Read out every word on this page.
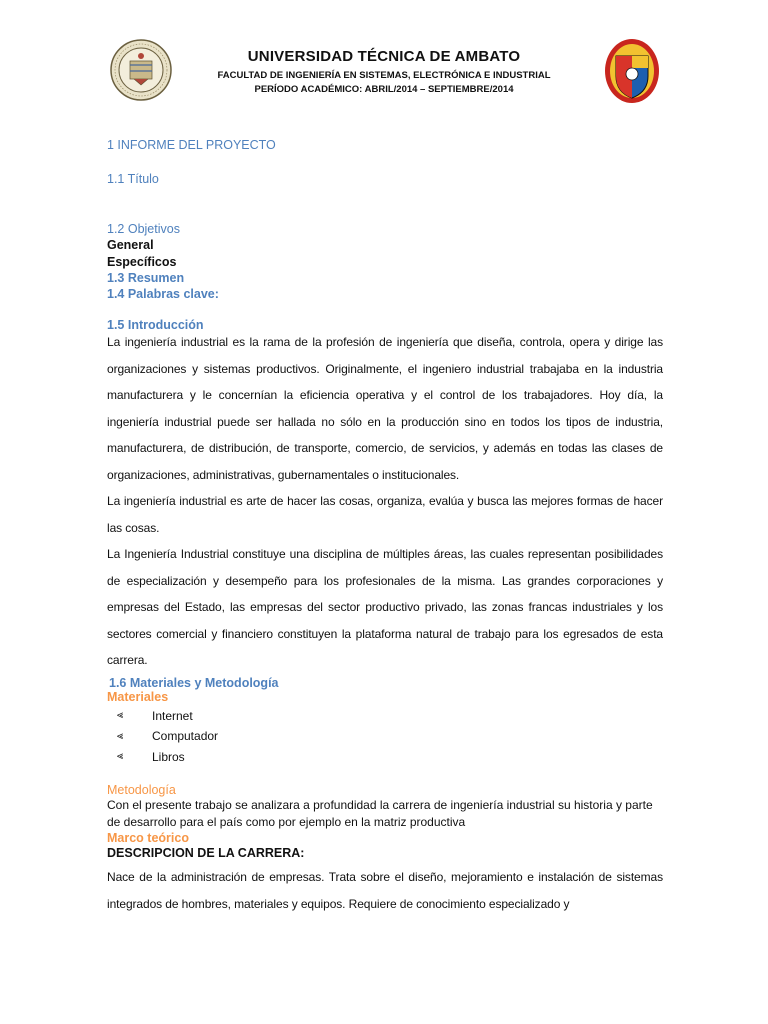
UNIVERSIDAD TÉCNICA DE AMBATO
FACULTAD DE INGENIERÍA EN SISTEMAS, ELECTRÓNICA E INDUSTRIAL
PERÍODO ACADÉMICO: ABRIL/2014 – SEPTIEMBRE/2014
1 INFORME DEL PROYECTO
1.1 Título
1.2 Objetivos
General
Específicos
1.3 Resumen
1.4 Palabras clave:
1.5 Introducción

La ingeniería industrial es la rama de la profesión de ingeniería que diseña, controla, opera y dirige las organizaciones y sistemas productivos. Originalmente, el ingeniero industrial trabajaba en la industria manufacturera y le concernían la eficiencia operativa y el control de los trabajadores. Hoy día, la ingeniería industrial puede ser hallada no sólo en la producción sino en todos los tipos de industria, manufacturera, de distribución, de transporte, comercio, de servicios, y además en todas las clases de organizaciones, administrativas, gubernamentales o institucionales.

La ingeniería industrial es arte de hacer las cosas, organiza, evalúa y busca las mejores formas de hacer las cosas.

La Ingeniería Industrial constituye una disciplina de múltiples áreas, las cuales representan posibilidades de especialización y desempeño para los profesionales de la misma. Las grandes corporaciones y empresas del Estado, las empresas del sector productivo privado, las zonas francas industriales y los sectores comercial y financiero constituyen la plataforma natural de trabajo para los egresados de esta carrera.

1.6 Materiales y Metodología
Materiales
⪡	Internet
⪡	Computador
⪡	Libros
Metodología

Con el presente trabajo se analizara a profundidad la carrera de ingeniería industrial su historia y parte de desarrollo para el país como por ejemplo en la matriz productiva

Marco teórico
DESCRIPCION DE LA CARRERA:

Nace de la administración de empresas. Trata sobre el diseño, mejoramiento e instalación de sistemas integrados de hombres, materiales y equipos. Requiere de conocimiento especializado y
